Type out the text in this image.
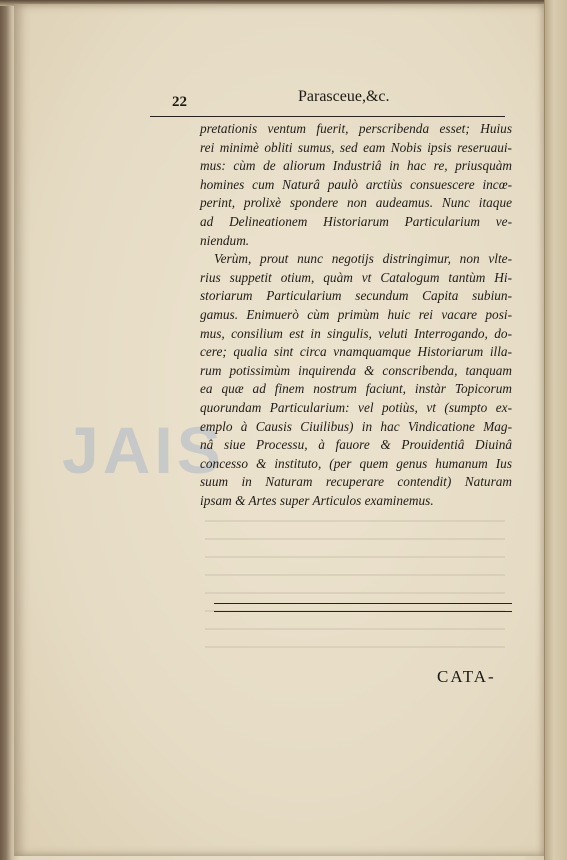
JAIS
22	Parasceue,&c.
pretationis ventum fuerit, perscribenda esset; Huius
rei minimè obliti sumus, sed eam Nobis ipsis reseruaui-
mus: cùm de aliorum Industriâ in hac re, priusquàm
homines cum Naturâ paulò arctiùs consuescere incœ-
perint, prolixè spondere non audeamus. Nunc itaque
ad Delineationem Historiarum Particularium ve-
niendum.
Verùm, prout nunc negotijs distringimur, non vlte-
rius suppetit otium, quàm vt Catalogum tantùm Hi-
storiarum Particularium secundum Capita subiun-
gamus. Enimuerò cùm primùm huic rei vacare posi-
mus, consilium est in singulis, veluti Interrogando, do-
cere; qualia sint circa vnamquamque Historiarum illa-
rum potissimùm inquirenda & conscribenda, tanquam
ea quæ ad finem nostrum faciunt, instàr Topicorum
quorundam Particularium: vel potiùs, vt (sumpto ex-
emplo à Causis Ciuilibus) in hac Vindicatione Mag-
nâ siue Processu, à fauore & Prouidentiâ Diuinâ
concesso & instituto, (per quem genus humanum Ius
suum in Naturam recuperare contendit) Naturam
ipsam & Artes super Articulos examinemus.
CATA-
